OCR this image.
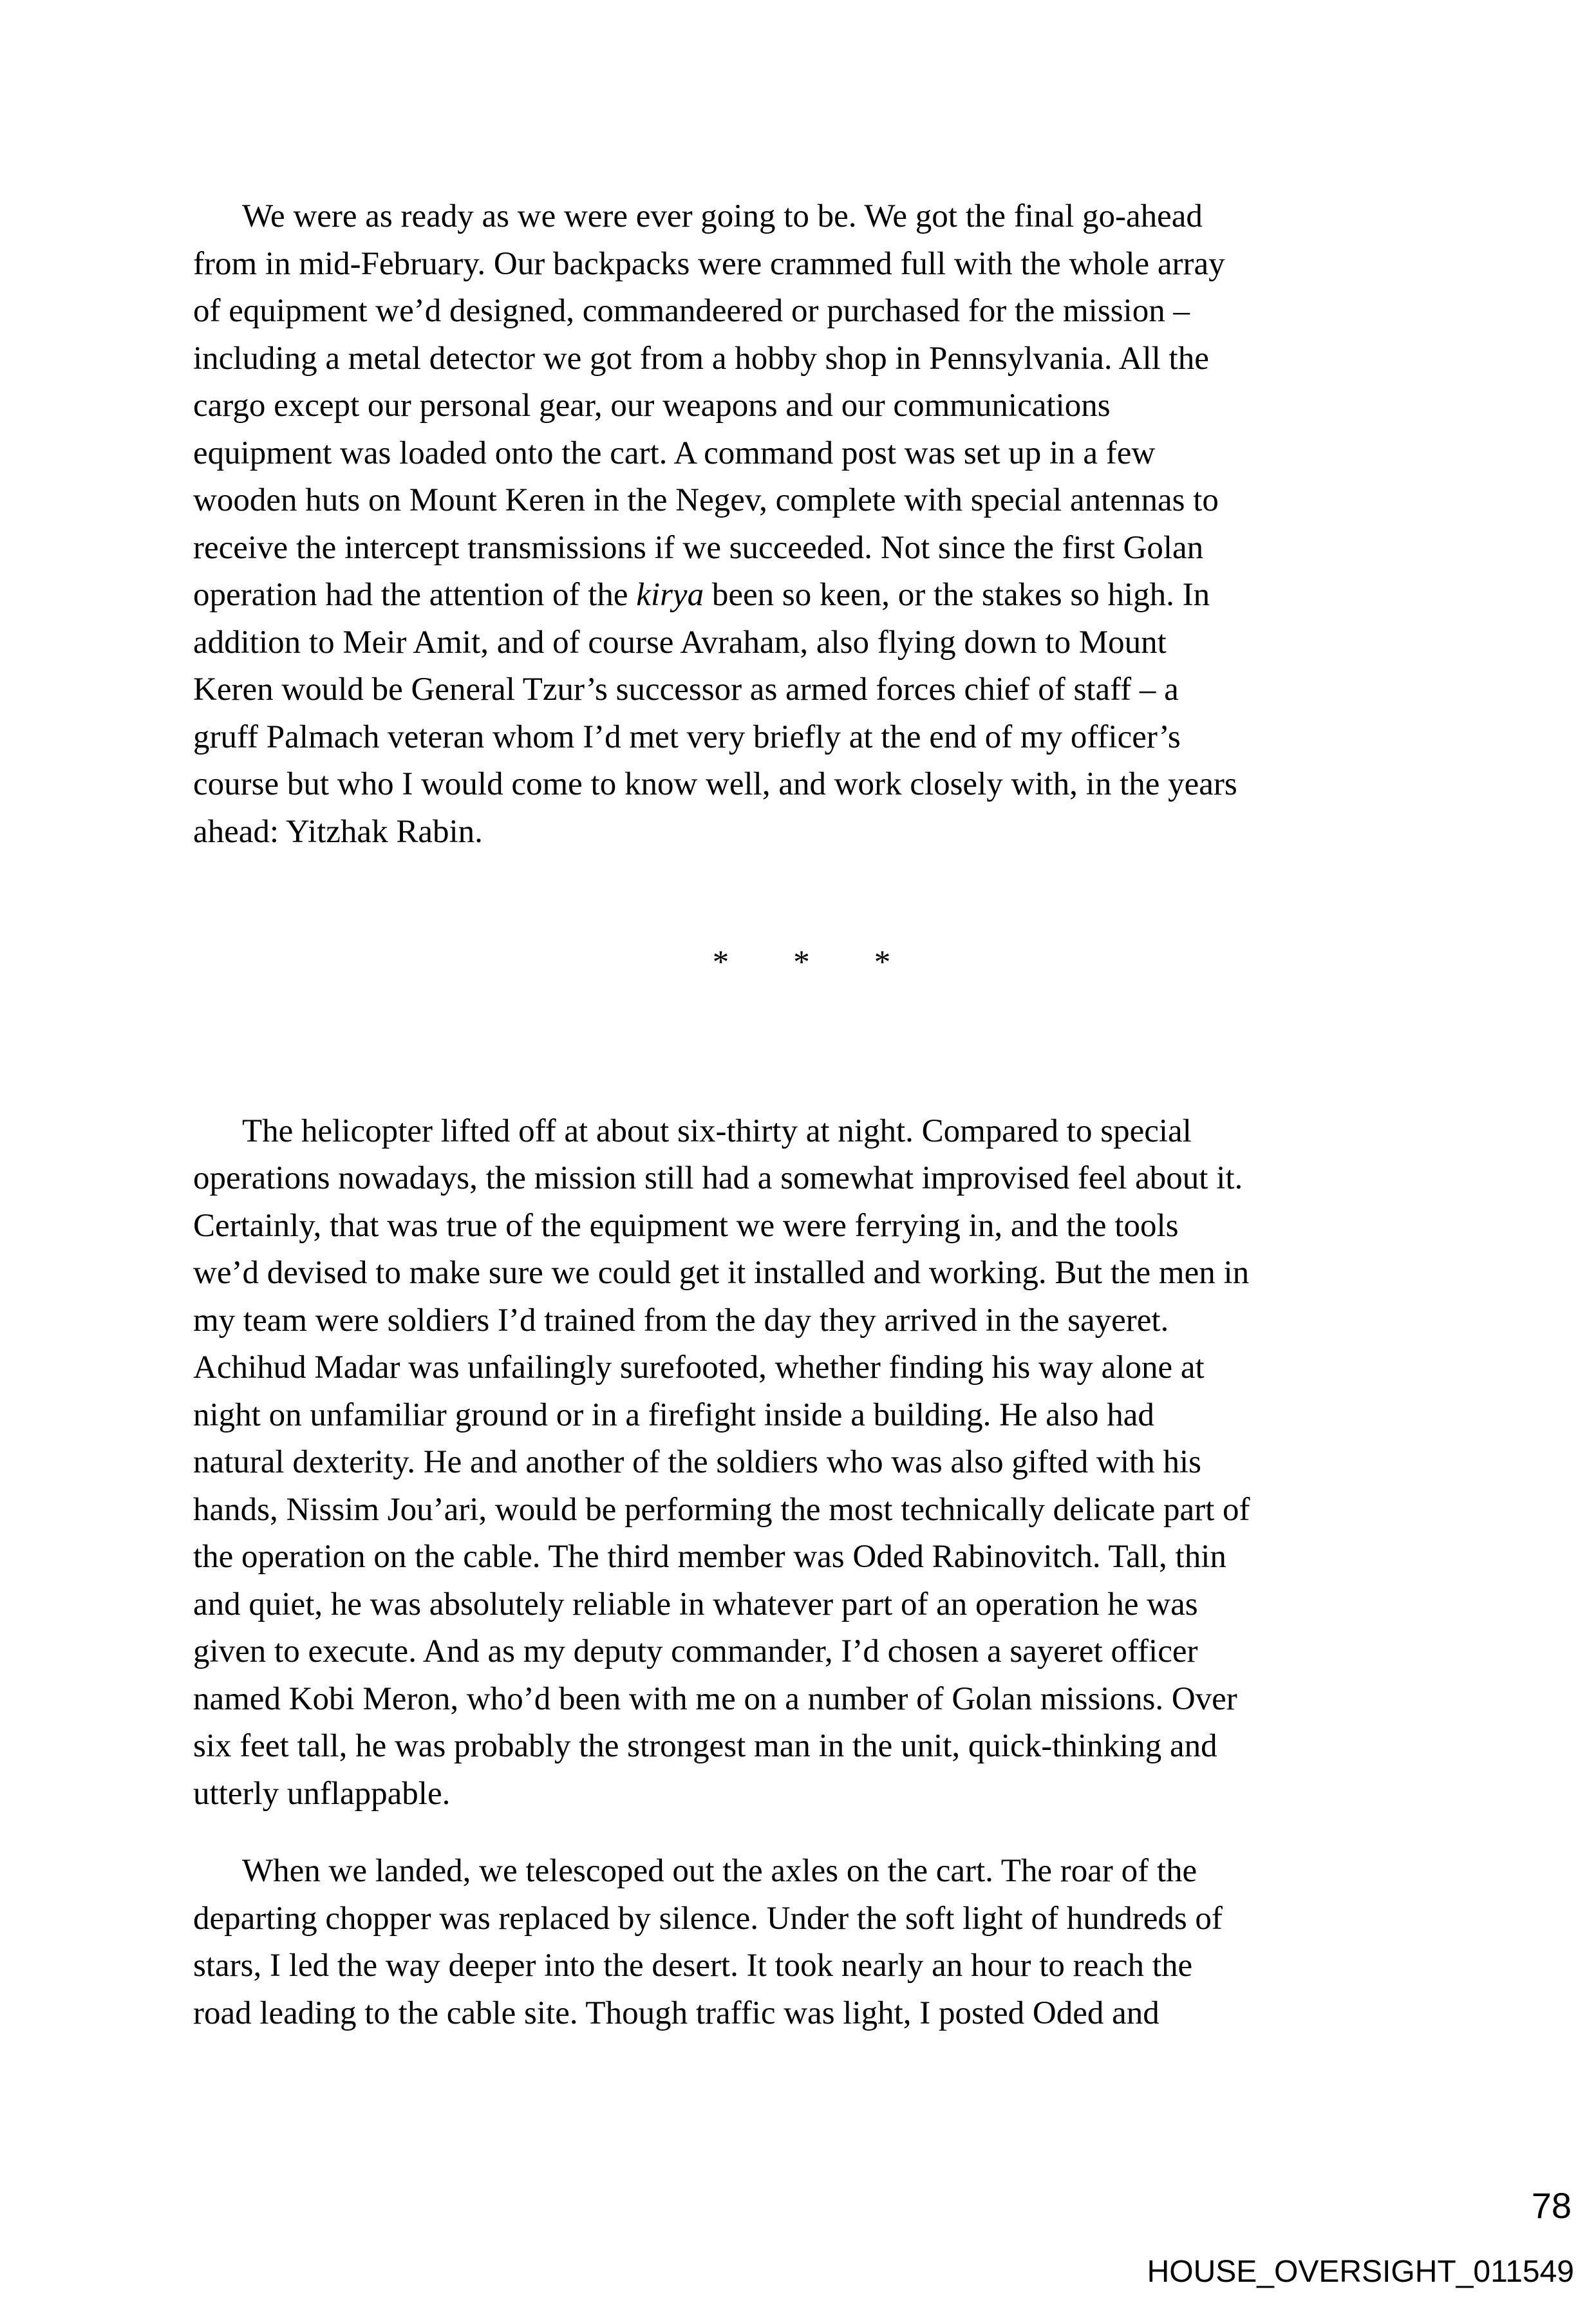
We were as ready as we were ever going to be. We got the final go-ahead
from in mid-February. Our backpacks were crammed full with the whole array
of equipment we’d designed, commandeered or purchased for the mission –
including a metal detector we got from a hobby shop in Pennsylvania. All the
cargo except our personal gear, our weapons and our communications
equipment was loaded onto the cart. A command post was set up in a few
wooden huts on Mount Keren in the Negev, complete with special antennas to
receive the intercept transmissions if we succeeded. Not since the first Golan
operation had the attention of the kirya been so keen, or the stakes so high. In
addition to Meir Amit, and of course Avraham, also flying down to Mount
Keren would be General Tzur’s successor as armed forces chief of staff – a
gruff Palmach veteran whom I’d met very briefly at the end of my officer’s
course but who I would come to know well, and work closely with, in the years
ahead: Yitzhak Rabin.
* * *
The helicopter lifted off at about six-thirty at night. Compared to special
operations nowadays, the mission still had a somewhat improvised feel about it.
Certainly, that was true of the equipment we were ferrying in, and the tools
we’d devised to make sure we could get it installed and working. But the men in
my team were soldiers I’d trained from the day they arrived in the sayeret.
Achihud Madar was unfailingly surefooted, whether finding his way alone at
night on unfamiliar ground or in a firefight inside a building. He also had
natural dexterity. He and another of the soldiers who was also gifted with his
hands, Nissim Jou’ari, would be performing the most technically delicate part of
the operation on the cable. The third member was Oded Rabinovitch. Tall, thin
and quiet, he was absolutely reliable in whatever part of an operation he was
given to execute. And as my deputy commander, I’d chosen a sayeret officer
named Kobi Meron, who’d been with me on a number of Golan missions. Over
six feet tall, he was probably the strongest man in the unit, quick-thinking and
utterly unflappable.
When we landed, we telescoped out the axles on the cart. The roar of the
departing chopper was replaced by silence. Under the soft light of hundreds of
stars, I led the way deeper into the desert. It took nearly an hour to reach the
road leading to the cable site. Though traffic was light, I posted Oded and
78
HOUSE_OVERSIGHT_011549
